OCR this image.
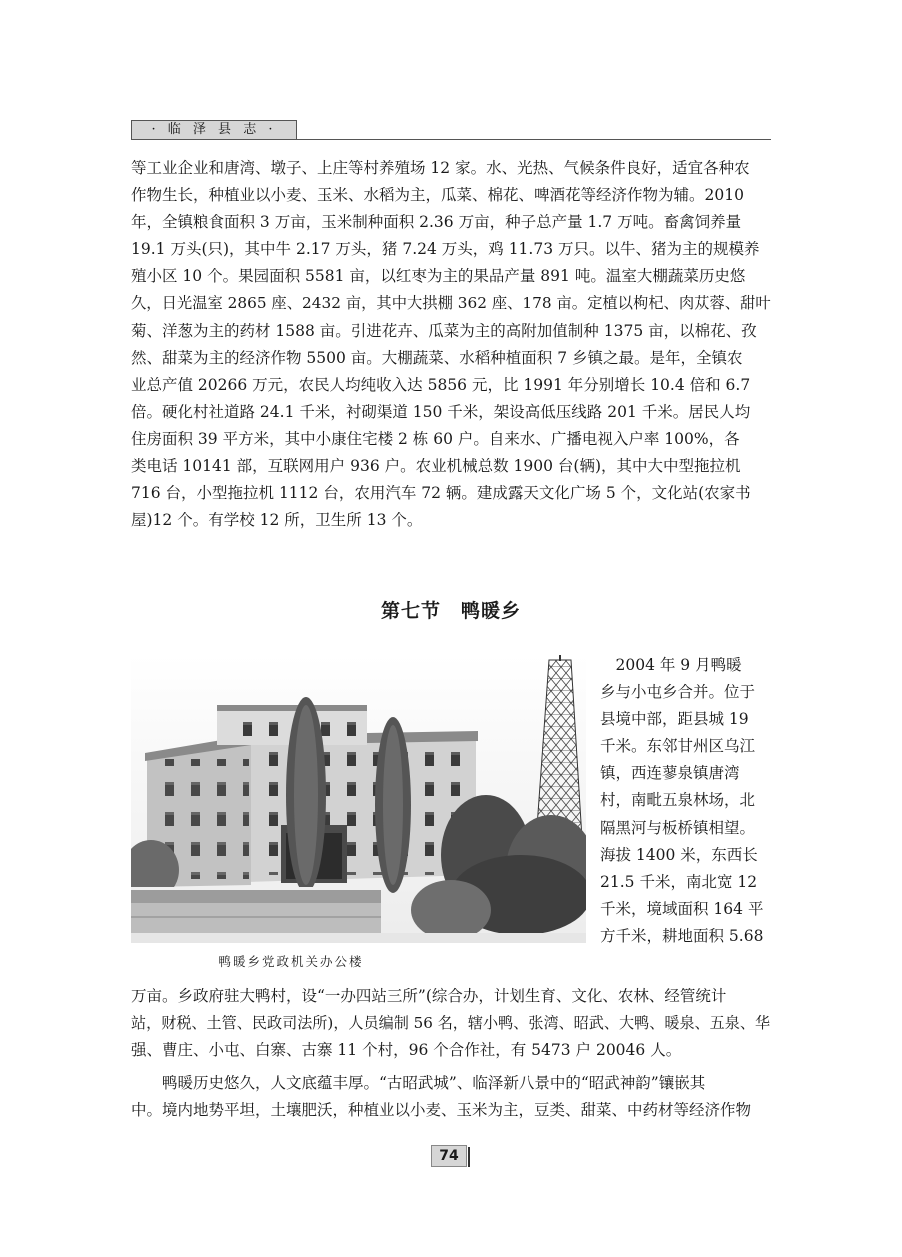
· 临 泽 县 志 ·
等工业企业和唐湾、墩子、上庄等村养殖场 12 家。水、光热、气候条件良好，适宜各种农
作物生长，种植业以小麦、玉米、水稻为主，瓜菜、棉花、啤酒花等经济作物为辅。2010
年，全镇粮食面积 3 万亩，玉米制种面积 2.36 万亩，种子总产量 1.7 万吨。畜禽饲养量
19.1 万头(只)，其中牛 2.17 万头，猪 7.24 万头，鸡 11.73 万只。以牛、猪为主的规模养
殖小区 10 个。果园面积 5581 亩，以红枣为主的果品产量 891 吨。温室大棚蔬菜历史悠
久，日光温室 2865 座、2432 亩，其中大拱棚 362 座、178 亩。定植以枸杞、肉苁蓉、甜叶
菊、洋葱为主的药材 1588 亩。引进花卉、瓜菜为主的高附加值制种 1375 亩，以棉花、孜
然、甜菜为主的经济作物 5500 亩。大棚蔬菜、水稻种植面积 7 乡镇之最。是年，全镇农
业总产值 20266 万元，农民人均纯收入达 5856 元，比 1991 年分别增长 10.4 倍和 6.7
倍。硬化村社道路 24.1 千米，衬砌渠道 150 千米，架设高低压线路 201 千米。居民人均
住房面积 39 平方米，其中小康住宅楼 2 栋 60 户。自来水、广播电视入户率 100%，各
类电话 10141 部，互联网用户 936 户。农业机械总数 1900 台(辆)，其中大中型拖拉机
716 台，小型拖拉机 1112 台，农用汽车 72 辆。建成露天文化广场 5 个，文化站(农家书
屋)12 个。有学校 12 所，卫生所 13 个。
第七节　鸭暖乡
鸭暖乡党政机关办公楼
　2004 年 9 月鸭暖
乡与小屯乡合并。位于
县境中部，距县城 19
千米。东邻甘州区乌江
镇，西连蓼泉镇唐湾
村，南毗五泉林场，北
隔黑河与板桥镇相望。
海拔 1400 米，东西长
21.5 千米，南北宽 12
千米，境域面积 164 平
方千米，耕地面积 5.68
万亩。乡政府驻大鸭村，设“一办四站三所”(综合办，计划生育、文化、农林、经管统计
站，财税、土管、民政司法所)，人员编制 56 名，辖小鸭、张湾、昭武、大鸭、暖泉、五泉、华
强、曹庄、小屯、白寨、古寨 11 个村，96 个合作社，有 5473 户 20046 人。
　　鸭暖历史悠久，人文底蕴丰厚。“古昭武城”、临泽新八景中的“昭武神韵”镶嵌其
中。境内地势平坦，土壤肥沃，种植业以小麦、玉米为主，豆类、甜菜、中药材等经济作物
74
